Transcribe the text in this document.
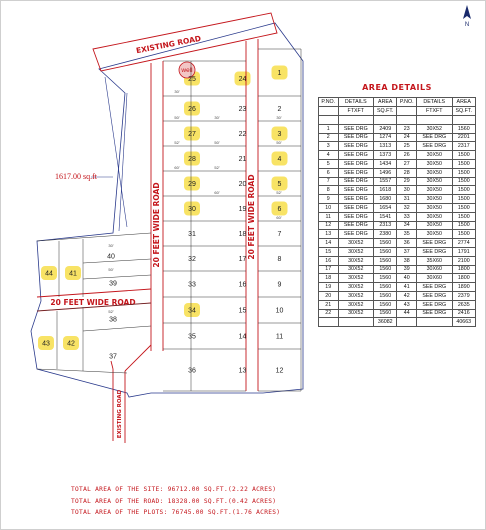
N
EXISTING ROAD
20 FEET WIDE ROAD	20 FEET WIDE ROAD
20 FEET WIDE ROAD
EXISTING ROAD
1617.00 sq.ft
well
25
26
27
28
29
30
31
32
33
34
35
36
24
23
22
21
20
19
18
17
16
15
14
13
1
2
3
4
5
6
7
8
9
10
11
12
44 41
40
39
43 42
38
37
30'
50'
52'
60'
30'
50'
52'
60'
30'
50'
52'
60'
30'
50'
52'
AREA DETAILS
P.NO.	DETAILS	AREA	P.NO.	DETAILS	AREA
	FTXFT	SQ.FT.		FTXFT	SQ.FT.

1	SEE DRG	2409	23	30X52	1560
2	SEE DRG	1274	24	SEE DRG	2201
3	SEE DRG	1313	25	SEE DRG	2317
4	SEE DRG	1373	26	30X50	1500
5	SEE DRG	1434	27	30X50	1500
6	SEE DRG	1496	28	30X50	1500
7	SEE DRG	1557	29	30X50	1500
8	SEE DRG	1618	30	30X50	1500
9	SEE DRG	1680	31	30X50	1500
10	SEE DRG	1654	32	30X50	1500
11	SEE DRG	1541	33	30X50	1500
12	SEE DRG	2313	34	30X50	1500
13	SEE DRG	2380	35	30X50	1500
14	30X52	1560	36	SEE DRG	2774
15	30X52	1560	37	SEE DRG	1791
16	30X52	1560	38	35X60	2100
17	30X52	1560	39	30X60	1800
18	30X52	1560	40	30X60	1800
19	30X52	1560	41	SEE DRG	1890
20	30X52	1560	42	SEE DRG	2379
21	30X52	1560	43	SEE DRG	2635
22	30X52	1560	44	SEE DRG	2416
		36082			40663
TOTAL AREA OF THE SITE: 96712.00 SQ.FT.(2.22 ACRES)
TOTAL AREA OF THE ROAD: 18328.00 SQ.FT.(0.42 ACRES)
TOTAL AREA OF THE PLOTS: 76745.00 SQ.FT.(1.76 ACRES)
